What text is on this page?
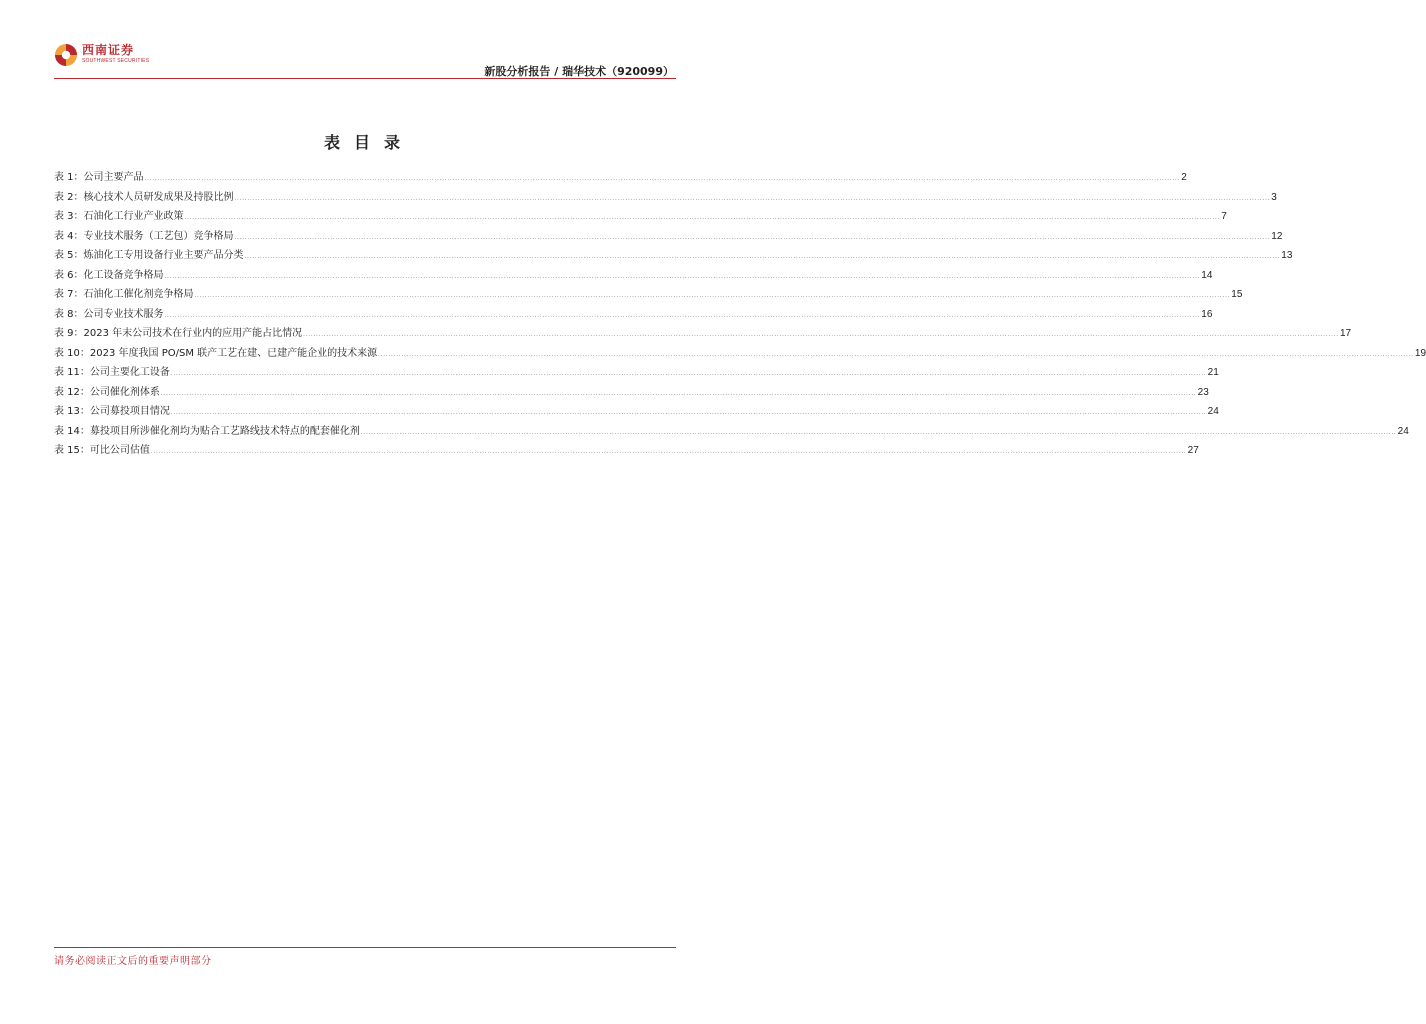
西南证券
SOUTHWEST SECURITIES
新股分析报告 / 瑞华技术（920099）
表目录
表 1： 公司主要产品 ................................................................................................................................................................................................................................................................................................................................................................................................................ 2
表 2： 核心技术人员研发成果及持股比例 ................................................................................................................................................................................................................................................................................................................................................................................................................ 3
表 3： 石油化工行业产业政策 ................................................................................................................................................................................................................................................................................................................................................................................................................ 7
表 4： 专业技术服务（工艺包）竞争格局 ................................................................................................................................................................................................................................................................................................................................................................................................................ 12
表 5： 炼油化工专用设备行业主要产品分类 ................................................................................................................................................................................................................................................................................................................................................................................................................ 13
表 6： 化工设备竞争格局 ................................................................................................................................................................................................................................................................................................................................................................................................................ 14
表 7： 石油化工催化剂竞争格局 ................................................................................................................................................................................................................................................................................................................................................................................................................ 15
表 8： 公司专业技术服务 ................................................................................................................................................................................................................................................................................................................................................................................................................ 16
表 9： 2023 年末公司技术在行业内的应用产能占比情况 ................................................................................................................................................................................................................................................................................................................................................................................................................ 17
表 10： 2023 年度我国 PO/SM 联产工艺在建、已建产能企业的技术来源 ................................................................................................................................................................................................................................................................................................................................................................................................................ 19
表 11： 公司主要化工设备 ................................................................................................................................................................................................................................................................................................................................................................................................................ 21
表 12： 公司催化剂体系 ................................................................................................................................................................................................................................................................................................................................................................................................................ 23
表 13： 公司募投项目情况 ................................................................................................................................................................................................................................................................................................................................................................................................................ 24
表 14： 募投项目所涉催化剂均为贴合工艺路线技术特点的配套催化剂 ................................................................................................................................................................................................................................................................................................................................................................................................................ 24
表 15： 可比公司估值 ................................................................................................................................................................................................................................................................................................................................................................................................................ 27
请务必阅读正文后的重要声明部分
